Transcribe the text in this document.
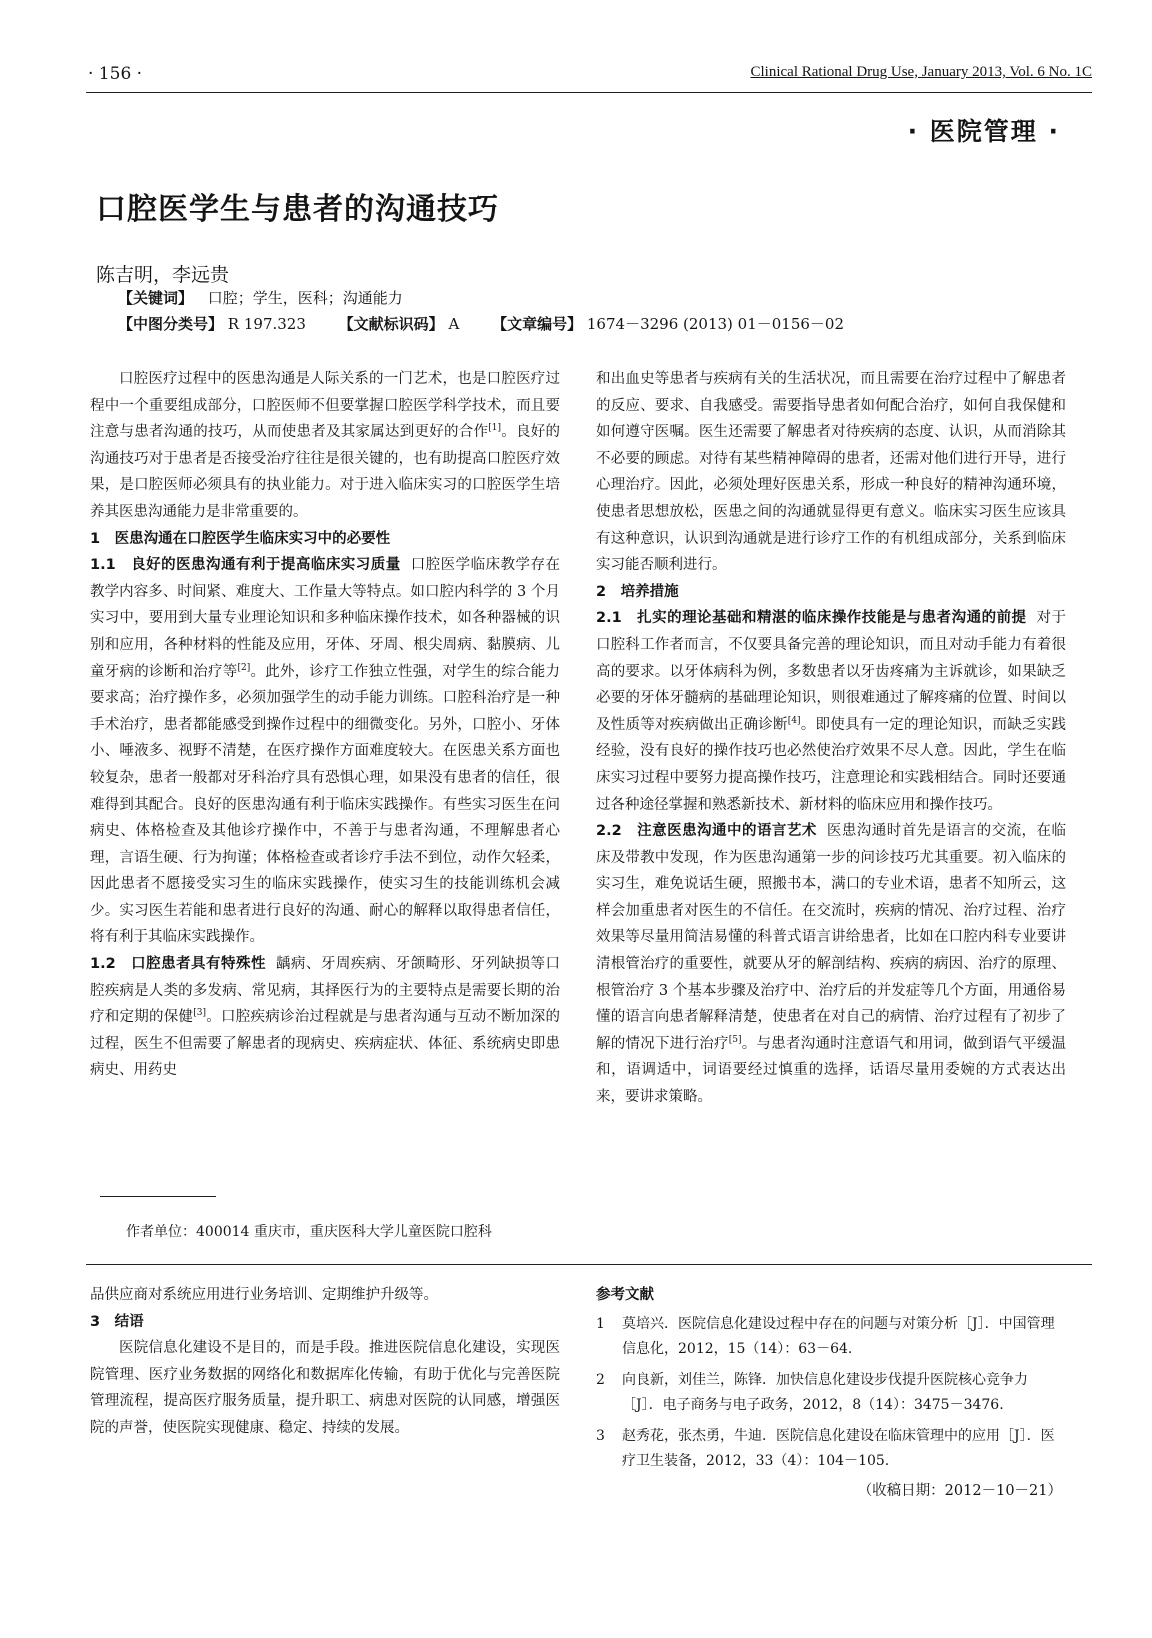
· 156 ·	Clinical Rational Drug Use, January 2013, Vol. 6 No. 1C
· 医院管理 ·
口腔医学生与患者的沟通技巧
陈吉明，李远贵
【关键词】 口腔；学生，医科；沟通能力
【中图分类号】 R 197.323 【文献标识码】 A 【文章编号】 1674－3296 (2013) 01－0156－02

口腔医疗过程中的医患沟通是人际关系的一门艺术，也是口腔医疗过程中一个重要组成部分，口腔医师不但要掌握口腔医学科学技术，而且要注意与患者沟通的技巧，从而使患者及其家属达到更好的合作[1]。良好的沟通技巧对于患者是否接受治疗往往是很关键的，也有助提高口腔医疗效果，是口腔医师必须具有的执业能力。对于进入临床实习的口腔医学生培养其医患沟通能力是非常重要的。

1　医患沟通在口腔医学生临床实习中的必要性

1.1　良好的医患沟通有利于提高临床实习质量 口腔医学临床教学存在教学内容多、时间紧、难度大、工作量大等特点。如口腔内科学的 3 个月实习中，要用到大量专业理论知识和多种临床操作技术，如各种器械的识别和应用，各种材料的性能及应用，牙体、牙周、根尖周病、黏膜病、儿童牙病的诊断和治疗等[2]。此外，诊疗工作独立性强，对学生的综合能力要求高；治疗操作多，必须加强学生的动手能力训练。口腔科治疗是一种手术治疗，患者都能感受到操作过程中的细微变化。另外，口腔小、牙体小、唾液多、视野不清楚，在医疗操作方面难度较大。在医患关系方面也较复杂，患者一般都对牙科治疗具有恐惧心理，如果没有患者的信任，很难得到其配合。良好的医患沟通有利于临床实践操作。有些实习医生在问病史、体格检查及其他诊疗操作中，不善于与患者沟通，不理解患者心理，言语生硬、行为拘谨；体格检查或者诊疗手法不到位，动作欠轻柔，因此患者不愿接受实习生的临床实践操作，使实习生的技能训练机会减少。实习医生若能和患者进行良好的沟通、耐心的解释以取得患者信任，将有利于其临床实践操作。

1.2　口腔患者具有特殊性 龋病、牙周疾病、牙颌畸形、牙列缺损等口腔疾病是人类的多发病、常见病，其择医行为的主要特点是需要长期的治疗和定期的保健[3]。口腔疾病诊治过程就是与患者沟通与互动不断加深的过程，医生不但需要了解患者的现病史、疾病症状、体征、系统病史即患病史、用药史

和出血史等患者与疾病有关的生活状况，而且需要在治疗过程中了解患者的反应、要求、自我感受。需要指导患者如何配合治疗，如何自我保健和如何遵守医嘱。医生还需要了解患者对待疾病的态度、认识，从而消除其不必要的顾虑。对待有某些精神障碍的患者，还需对他们进行开导，进行心理治疗。因此，必须处理好医患关系，形成一种良好的精神沟通环境，使患者思想放松，医患之间的沟通就显得更有意义。临床实习医生应该具有这种意识，认识到沟通就是进行诊疗工作的有机组成部分，关系到临床实习能否顺利进行。

2　培养措施

2.1　扎实的理论基础和精湛的临床操作技能是与患者沟通的前提 对于口腔科工作者而言，不仅要具备完善的理论知识，而且对动手能力有着很高的要求。以牙体病科为例，多数患者以牙齿疼痛为主诉就诊，如果缺乏必要的牙体牙髓病的基础理论知识，则很难通过了解疼痛的位置、时间以及性质等对疾病做出正确诊断[4]。即使具有一定的理论知识，而缺乏实践经验，没有良好的操作技巧也必然使治疗效果不尽人意。因此，学生在临床实习过程中要努力提高操作技巧，注意理论和实践相结合。同时还要通过各种途径掌握和熟悉新技术、新材料的临床应用和操作技巧。

2.2　注意医患沟通中的语言艺术 医患沟通时首先是语言的交流，在临床及带教中发现，作为医患沟通第一步的问诊技巧尤其重要。初入临床的实习生，难免说话生硬，照搬书本，满口的专业术语，患者不知所云，这样会加重患者对医生的不信任。在交流时，疾病的情况、治疗过程、治疗效果等尽量用简洁易懂的科普式语言讲给患者，比如在口腔内科专业要讲清根管治疗的重要性，就要从牙的解剖结构、疾病的病因、治疗的原理、根管治疗 3 个基本步骤及治疗中、治疗后的并发症等几个方面，用通俗易懂的语言向患者解释清楚，使患者在对自己的病情、治疗过程有了初步了解的情况下进行治疗[5]。与患者沟通时注意语气和用词，做到语气平缓温和，语调适中，词语要经过慎重的选择，话语尽量用委婉的方式表达出来，要讲求策略。

作者单位：400014 重庆市，重庆医科大学儿童医院口腔科

品供应商对系统应用进行业务培训、定期维护升级等。

3　结语

医院信息化建设不是目的，而是手段。推进医院信息化建设，实现医院管理、医疗业务数据的网络化和数据库化传输，有助于优化与完善医院管理流程，提高医疗服务质量，提升职工、病患对医院的认同感，增强医院的声誉，使医院实现健康、稳定、持续的发展。

参考文献
1 莫培兴．医院信息化建设过程中存在的问题与对策分析［J］．中国管理信息化，2012，15（14）：63－64.
2 向良新，刘佳兰，陈锋．加快信息化建设步伐提升医院核心竞争力［J］．电子商务与电子政务，2012，8（14）：3475－3476.
3 赵秀花，张杰勇，牛迪．医院信息化建设在临床管理中的应用［J］．医疗卫生装备，2012，33（4）：104－105.
（收稿日期：2012－10－21）
